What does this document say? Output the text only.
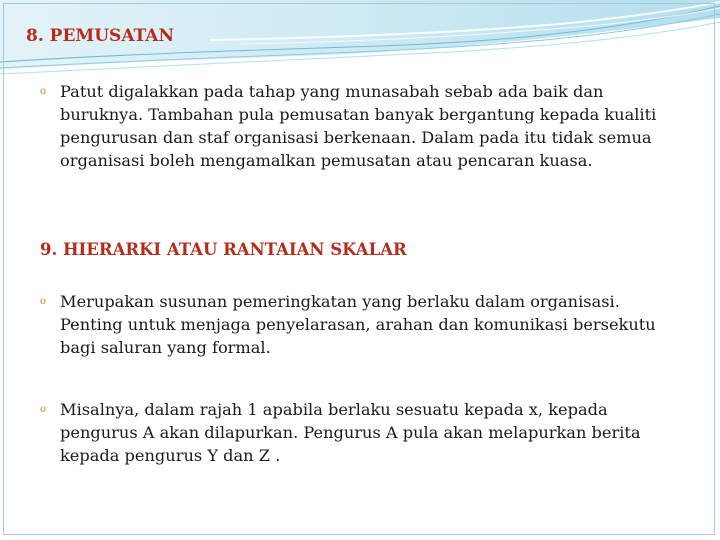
8. PEMUSATAN
o Patut digalakkan pada tahap yang munasabah sebab ada baik dan buruknya. Tambahan pula pemusatan banyak bergantung kepada kualiti pengurusan dan staf organisasi berkenaan. Dalam pada itu tidak semua organisasi boleh mengamalkan pemusatan atau pencaran kuasa.
9. HIERARKI ATAU RANTAIAN SKALAR
o Merupakan susunan pemeringkatan yang berlaku dalam organisasi. Penting untuk menjaga penyelarasan, arahan dan komunikasi bersekutu bagi saluran yang formal.
o Misalnya, dalam rajah 1 apabila berlaku sesuatu kepada x, kepada pengurus A akan dilapurkan. Pengurus A pula akan melapurkan berita kepada pengurus Y dan Z .
